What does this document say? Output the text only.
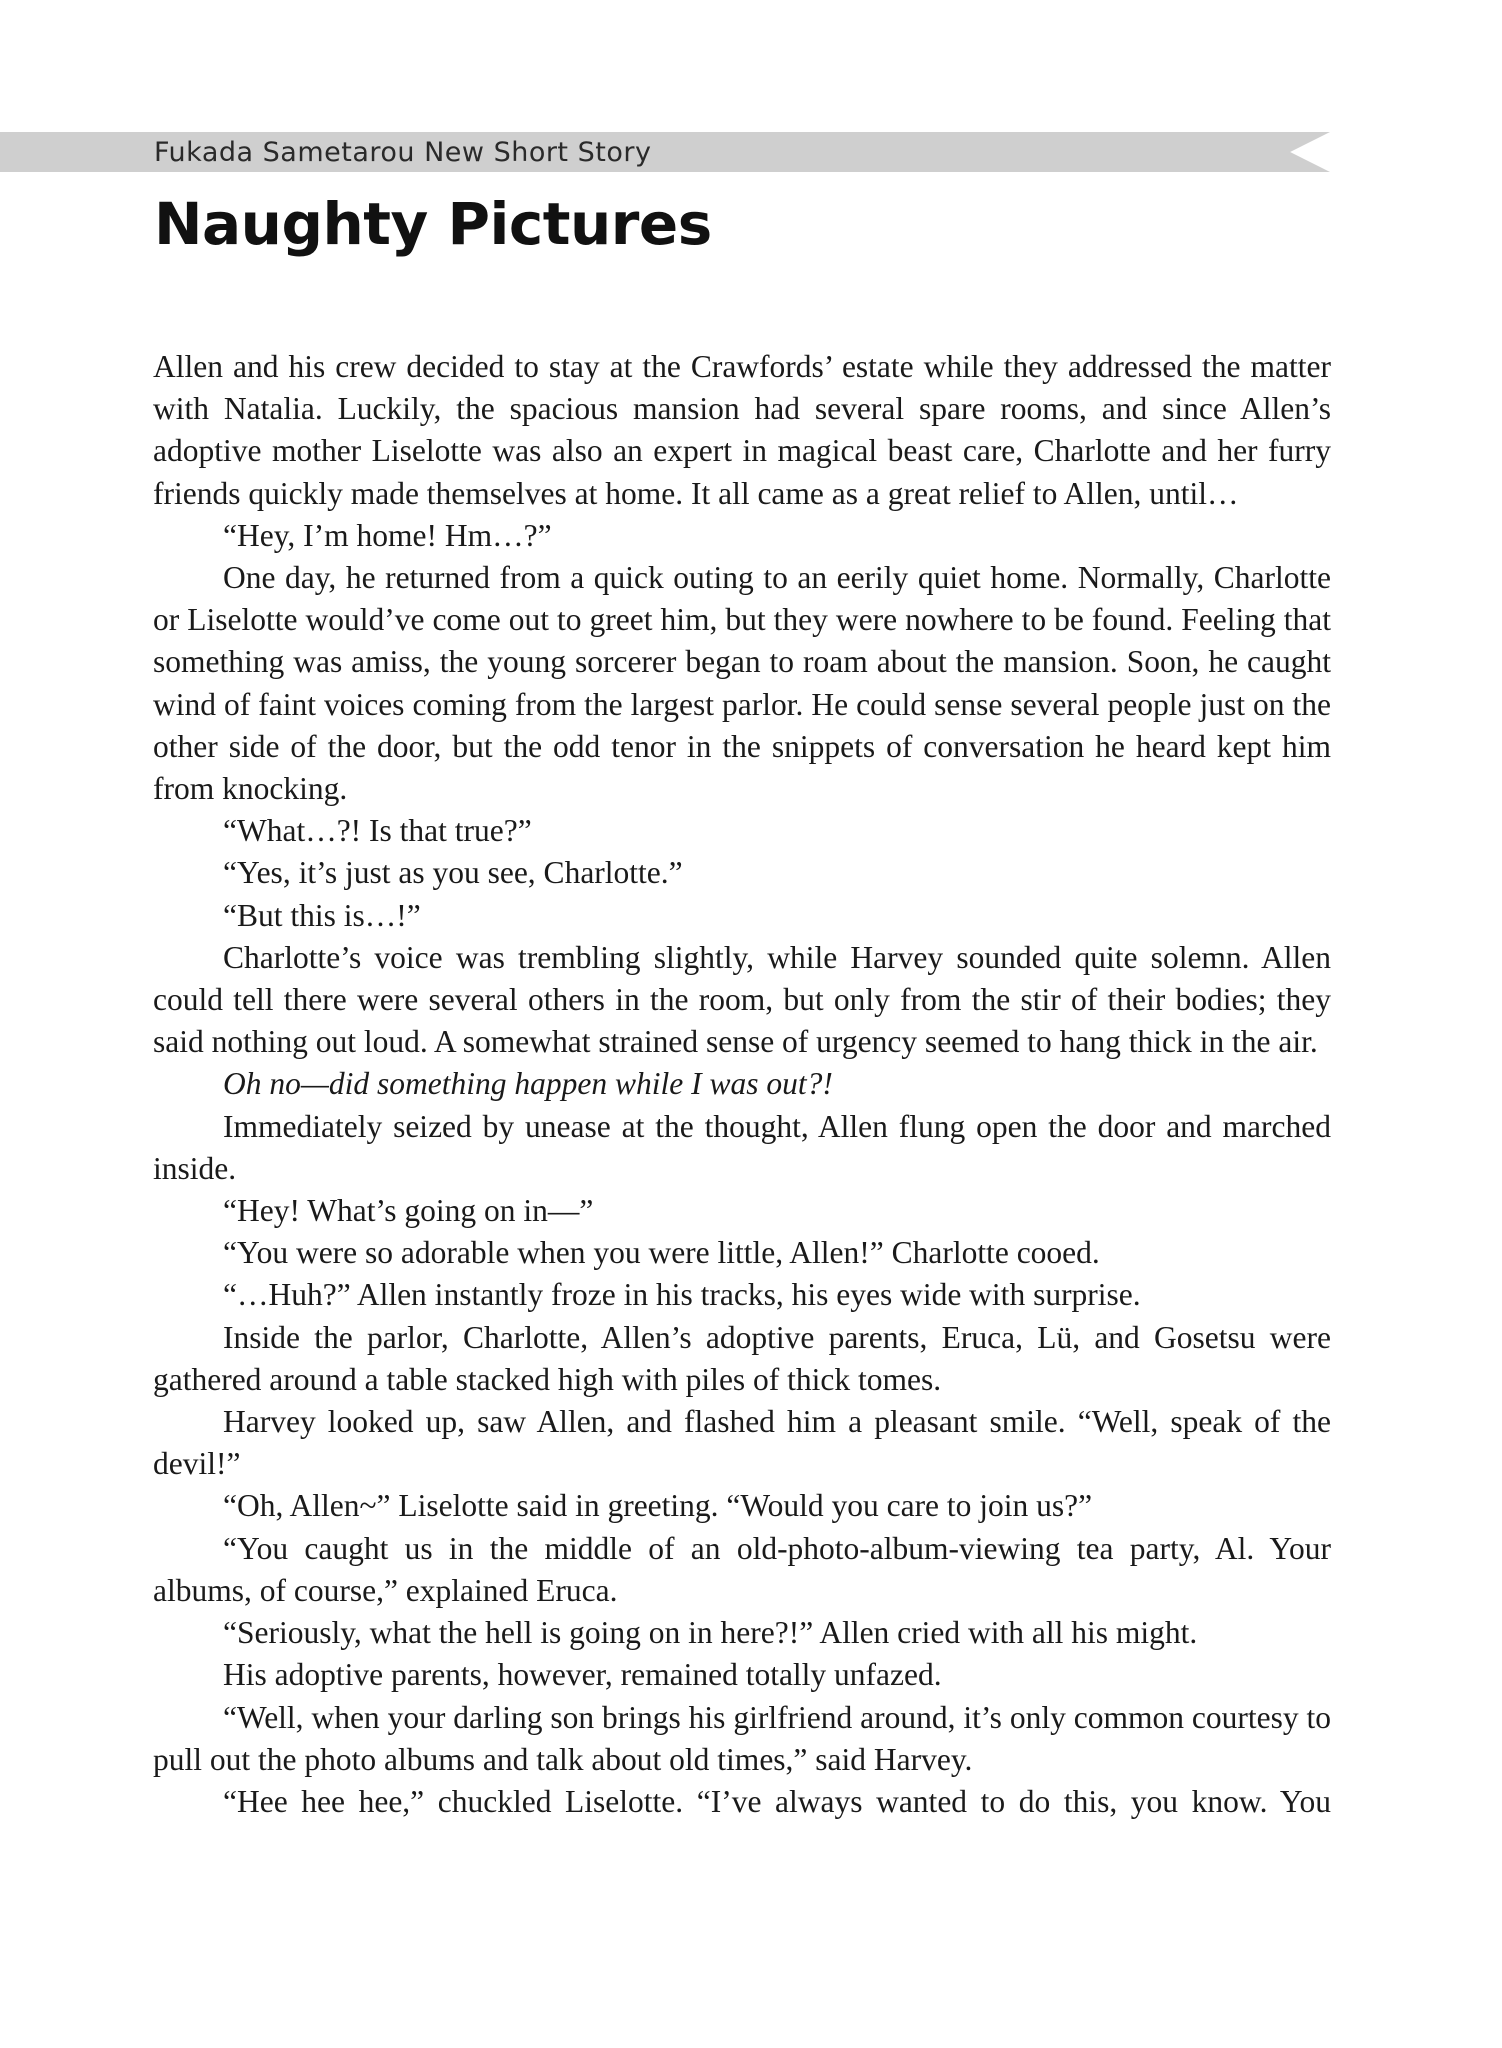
Fukada Sametarou New Short Story
Naughty Pictures

Allen and his crew decided to stay at the Crawfords’ estate while they addressed the matter with Natalia. Luckily, the spacious mansion had several spare rooms, and since Allen’s adoptive mother Liselotte was also an expert in magical beast care, Charlotte and her furry friends quickly made themselves at home. It all came as a great relief to Allen, until…

“Hey, I’m home! Hm…?”

One day, he returned from a quick outing to an eerily quiet home. Normally, Charlotte or Liselotte would’ve come out to greet him, but they were nowhere to be found. Feeling that something was amiss, the young sorcerer began to roam about the mansion. Soon, he caught wind of faint voices coming from the largest parlor. He could sense several people just on the other side of the door, but the odd tenor in the snippets of conversation he heard kept him from knocking.

“What…?! Is that true?”

“Yes, it’s just as you see, Charlotte.”

“But this is…!”

Charlotte’s voice was trembling slightly, while Harvey sounded quite solemn. Allen could tell there were several others in the room, but only from the stir of their bodies; they said nothing out loud. A somewhat strained sense of urgency seemed to hang thick in the air.

Oh no—did something happen while I was out?!

Immediately seized by unease at the thought, Allen flung open the door and marched inside.

“Hey! What’s going on in—”

“You were so adorable when you were little, Allen!” Charlotte cooed.

“…Huh?” Allen instantly froze in his tracks, his eyes wide with surprise.

Inside the parlor, Charlotte, Allen’s adoptive parents, Eruca, Lü, and Gosetsu were gathered around a table stacked high with piles of thick tomes.

Harvey looked up, saw Allen, and flashed him a pleasant smile. “Well, speak of the devil!”

“Oh, Allen~” Liselotte said in greeting. “Would you care to join us?”

“You caught us in the middle of an old-photo-album-viewing tea party, Al. Your albums, of course,” explained Eruca.

“Seriously, what the hell is going on in here?!” Allen cried with all his might.

His adoptive parents, however, remained totally unfazed.

“Well, when your darling son brings his girlfriend around, it’s only common courtesy to pull out the photo albums and talk about old times,” said Harvey.

“Hee hee hee,” chuckled Liselotte. “I’ve always wanted to do this, you know. You
